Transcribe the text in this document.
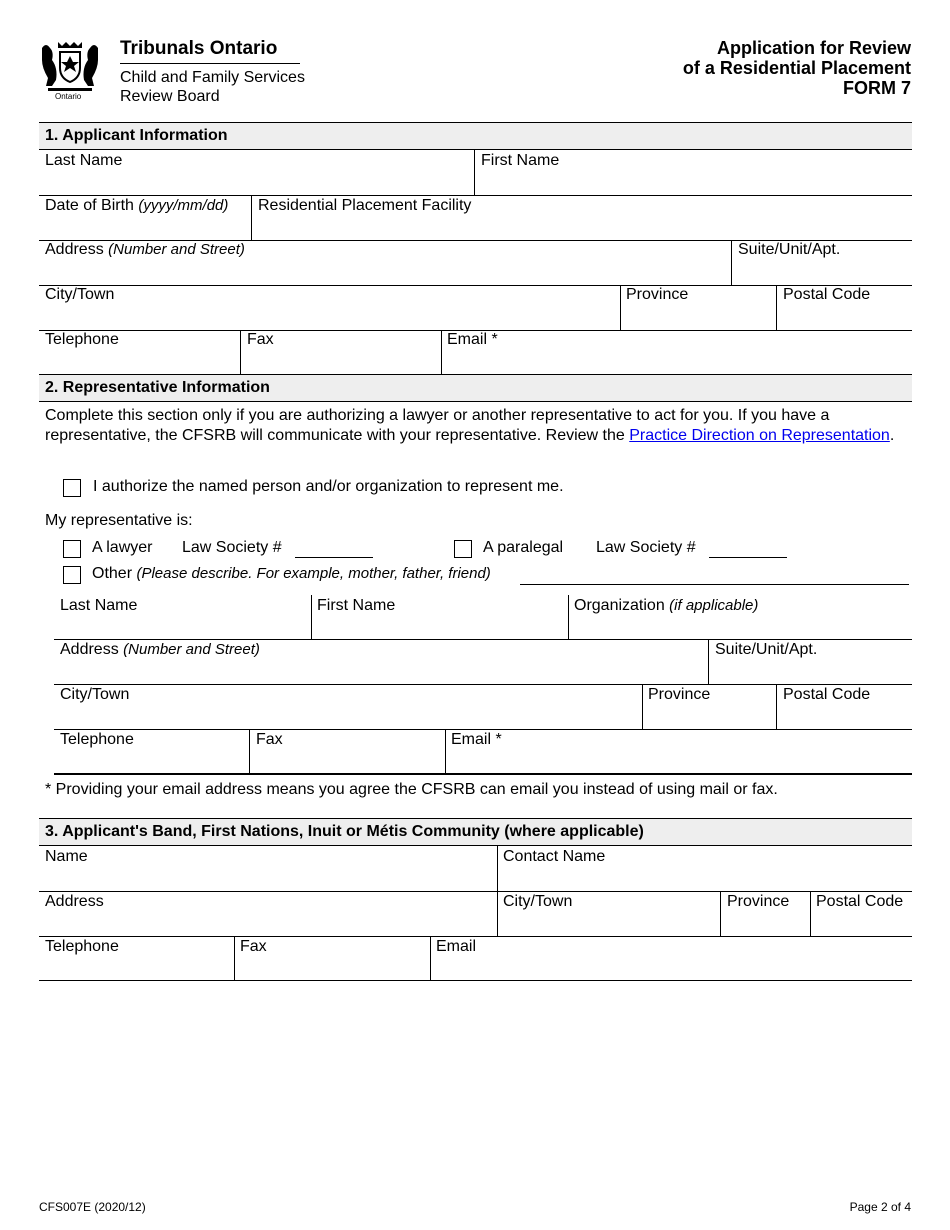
Ontario
Tribunals Ontario
Child and Family Services
Review Board
Application for Review
of a Residential Placement
FORM 7
1. Applicant Information
Last Name	First Name
Date of Birth (yyyy/mm/dd) Residential Placement Facility
Address (Number and Street)	Suite/Unit/Apt.
City/Town	Province	Postal Code
Telephone	Fax	Email *
2. Representative Information
Complete this section only if you are authorizing a lawyer or another representative to act for you. If you have a representative, the CFSRB will communicate with your representative. Review the Practice Direction on Representation.
I authorize the named person and/or organization to represent me.
My representative is:
A lawyer Law Society #	A paralegal Law Society #
Other (Please describe. For example, mother, father, friend)
Last Name	First Name	Organization (if applicable)
Address (Number and Street)	Suite/Unit/Apt.
City/Town	Province	Postal Code
Telephone	Fax	Email *
* Providing your email address means you agree the CFSRB can email you instead of using mail or fax.
3. Applicant's Band, First Nations, Inuit or Métis Community (where applicable)
Name	Contact Name
Address	City/Town	Province Postal Code
Telephone	Fax	Email
CFS007E (2020/12)	Page 2 of 4
